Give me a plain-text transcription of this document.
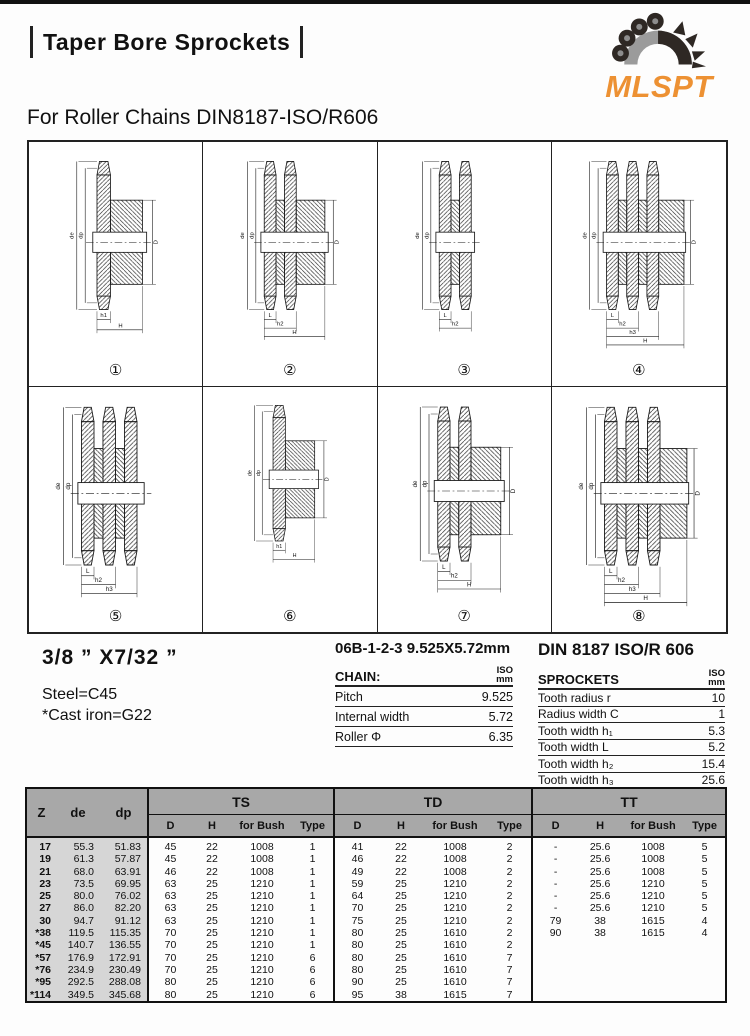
Taper Bore Sprockets
MLSPT
For Roller Chains DIN8187-ISO/R606
de dp
D
h1
H
①
de dp
D
L
h2
H
②
de dp
L
h2
③
de dp
D
L
h2
h3
H
④
de dp
L
h2
h3
⑤
de dp
D
h1
H
⑥
de dp
D
L
h2
H
⑦
de dp
D
L
h2
h3
H
⑧
3/8 ” X7/32 ”
Steel=C45
*Cast iron=G22
06B-1-2-3 9.525X5.72mm
CHAIN:	ISO
mm
Pitch	9.525
Internal width	5.72
Roller Φ	6.35
DIN 8187 ISO/R 606
SPROCKETS	ISO
mm
Tooth radius r	10
Radius width C	1
Tooth width h₁	5.3
Tooth width L	5.2
Tooth width h₂	15.4
Tooth width h₃	25.6
Z	de	dp	TS				TD				TT			
			D	H	for Bush	Type	D	H	for Bush	Type	D	H	for Bush	Type
17	55.3	51.83	45	22	1008	1	41	22	1008	2	-	25.6	1008	5
19	61.3	57.87	45	22	1008	1	46	22	1008	2	-	25.6	1008	5
21	68.0	63.91	46	22	1008	1	49	22	1008	2	-	25.6	1008	5
23	73.5	69.95	63	25	1210	1	59	25	1210	2	-	25.6	1210	5
25	80.0	76.02	63	25	1210	1	64	25	1210	2	-	25.6	1210	5
27	86.0	82.20	63	25	1210	1	70	25	1210	2	-	25.6	1210	5
30	94.7	91.12	63	25	1210	1	75	25	1210	2	79	38	1615	4
*38	119.5	115.35	70	25	1210	1	80	25	1610	2	90	38	1615	4
*45	140.7	136.55	70	25	1210	1	80	25	1610	2				
*57	176.9	172.91	70	25	1210	6	80	25	1610	7				
*76	234.9	230.49	70	25	1210	6	80	25	1610	7				
*95	292.5	288.08	80	25	1210	6	90	25	1610	7				
*114	349.5	345.68	80	25	1210	6	95	38	1615	7				
